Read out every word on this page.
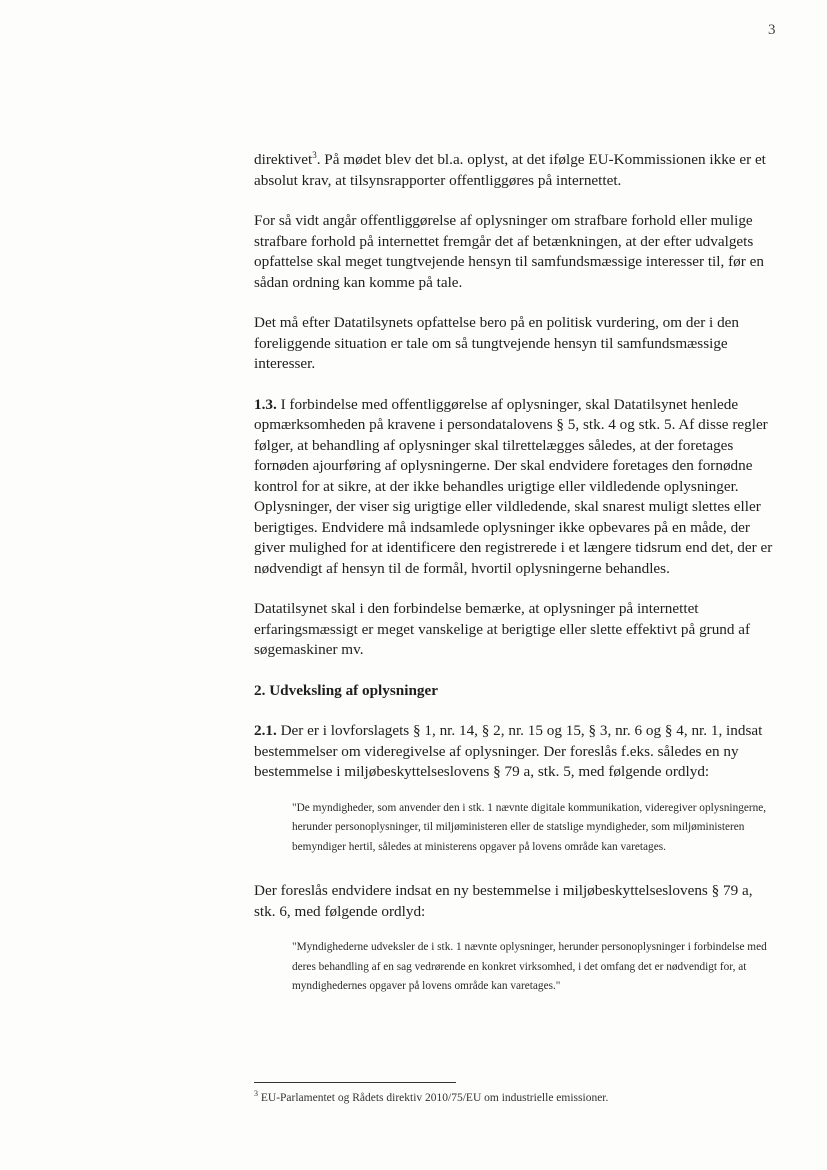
3

direktivet$^3$. På mødet blev det bl.a. oplyst, at det ifølge EU-Kommissionen ikke er et absolut krav, at tilsynsrapporter offentliggøres på internettet.

For så vidt angår offentliggørelse af oplysninger om strafbare forhold eller mulige strafbare forhold på internettet fremgår det af betænkningen, at der efter udvalgets opfattelse skal meget tungtvejende hensyn til samfundsmæssige interesser til, før en sådan ordning kan komme på tale.

Det må efter Datatilsynets opfattelse bero på en politisk vurdering, om der i den foreliggende situation er tale om så tungtvejende hensyn til samfundsmæssige interesser.

1.3. I forbindelse med offentliggørelse af oplysninger, skal Datatilsynet henlede opmærksomheden på kravene i persondatalovens § 5, stk. 4 og stk. 5. Af disse regler følger, at behandling af oplysninger skal tilrettelægges således, at der foretages fornøden ajourføring af oplysningerne. Der skal endvidere foretages den fornødne kontrol for at sikre, at der ikke behandles urigtige eller vildledende oplysninger. Oplysninger, der viser sig urigtige eller vildledende, skal snarest muligt slettes eller berigtiges. Endvidere må indsamlede oplysninger ikke opbevares på en måde, der giver mulighed for at identificere den registrerede i et længere tidsrum end det, der er nødvendigt af hensyn til de formål, hvortil oplysningerne behandles.

Datatilsynet skal i den forbindelse bemærke, at oplysninger på internettet erfaringsmæssigt er meget vanskelige at berigtige eller slette effektivt på grund af søgemaskiner mv.

2. Udveksling af oplysninger

2.1. Der er i lovforslagets § 1, nr. 14, § 2, nr. 15 og 15, § 3, nr. 6 og § 4, nr. 1, indsat bestemmelser om videregivelse af oplysninger. Der foreslås f.eks. således en ny bestemmelse i miljøbeskyttelseslovens § 79 a, stk. 5, med følgende ordlyd:

"De myndigheder, som anvender den i stk. 1 nævnte digitale kommunikation, videregiver oplysningerne, herunder personoplysninger, til miljøministeren eller de statslige myndigheder, som miljøministeren bemyndiger hertil, således at ministerens opgaver på lovens område kan varetages.

Der foreslås endvidere indsat en ny bestemmelse i miljøbeskyttelseslovens § 79 a, stk. 6, med følgende ordlyd:

"Myndighederne udveksler de i stk. 1 nævnte oplysninger, herunder personoplysninger i forbindelse med deres behandling af en sag vedrørende en konkret virksomhed, i det omfang det er nødvendigt for, at myndighedernes opgaver på lovens område kan varetages."
$^3$ EU-Parlamentet og Rådets direktiv 2010/75/EU om industrielle emissioner.
